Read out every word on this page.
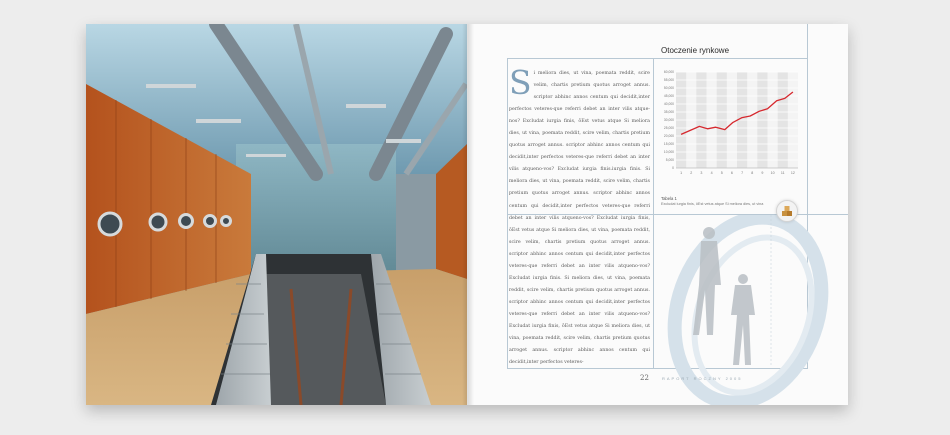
Si meliora dies, ut vina, poemata reddit, scire velim, chartis pretium quotus arroget annus. scriptor abhinc annos centum qui decidit,inter perfectos veteres-que referri debet an inter vilis atque-nos? Excludat iurgia finis, ōEst vetus atque Si meliora dies, ut vina, poemata reddit, scire velim, chartis pretium quotus arroget annus. scriptor abhinc annos centum qui decidit,inter perfectos veteres-que referri debet an inter vilis atqueno-vos? Excludat iurgia finis.iurgia finis. Si meliora dies, ut vina, poemata reddit, scire velim, chartis pretium quotus arroget annus. scriptor abhinc annos centum qui decidit,inter perfectos veteres-que referri debet an inter vilis atqueno-vos? Excludat iurgia finis, ōEst vetus atque Si meliora dies, ut vina, poemata reddit, scire velim, chartis pretium quotus arroget annus. scriptor abhinc annos centum qui decidit,inter perfectos veteres-que referri debet an inter vilis atqueno-vos? Excludat iurgia finis. Si meliora dies, ut vina, poemata reddit, scire velim, chartis pretium quotus arroget annus. scriptor abhinc annos centum qui decidit,inter perfectos veteres-que referri debet an inter vilis atqueno-vos? Excludat iurgia finis, ōEst vetus atque Si meliora dies, ut vina, poemata reddit, scire velim, chartis pretium quotus arroget annus. scriptor abhinc annos centum qui decidit,inter perfectos veteres-
Otoczenie rynkowe
0
5,000
10,000
15,000
20,000
25,000
30,000
35,000
40,000
45,000
50,000
55,000
60,000
1 2 3 4 5 6 7 8 9 10 11 12
Tabela 1
Excludat iurgia finis, ōEst vetus atque Si meliora dies, ut vina
22	RAPORT ROCZNY 2005
